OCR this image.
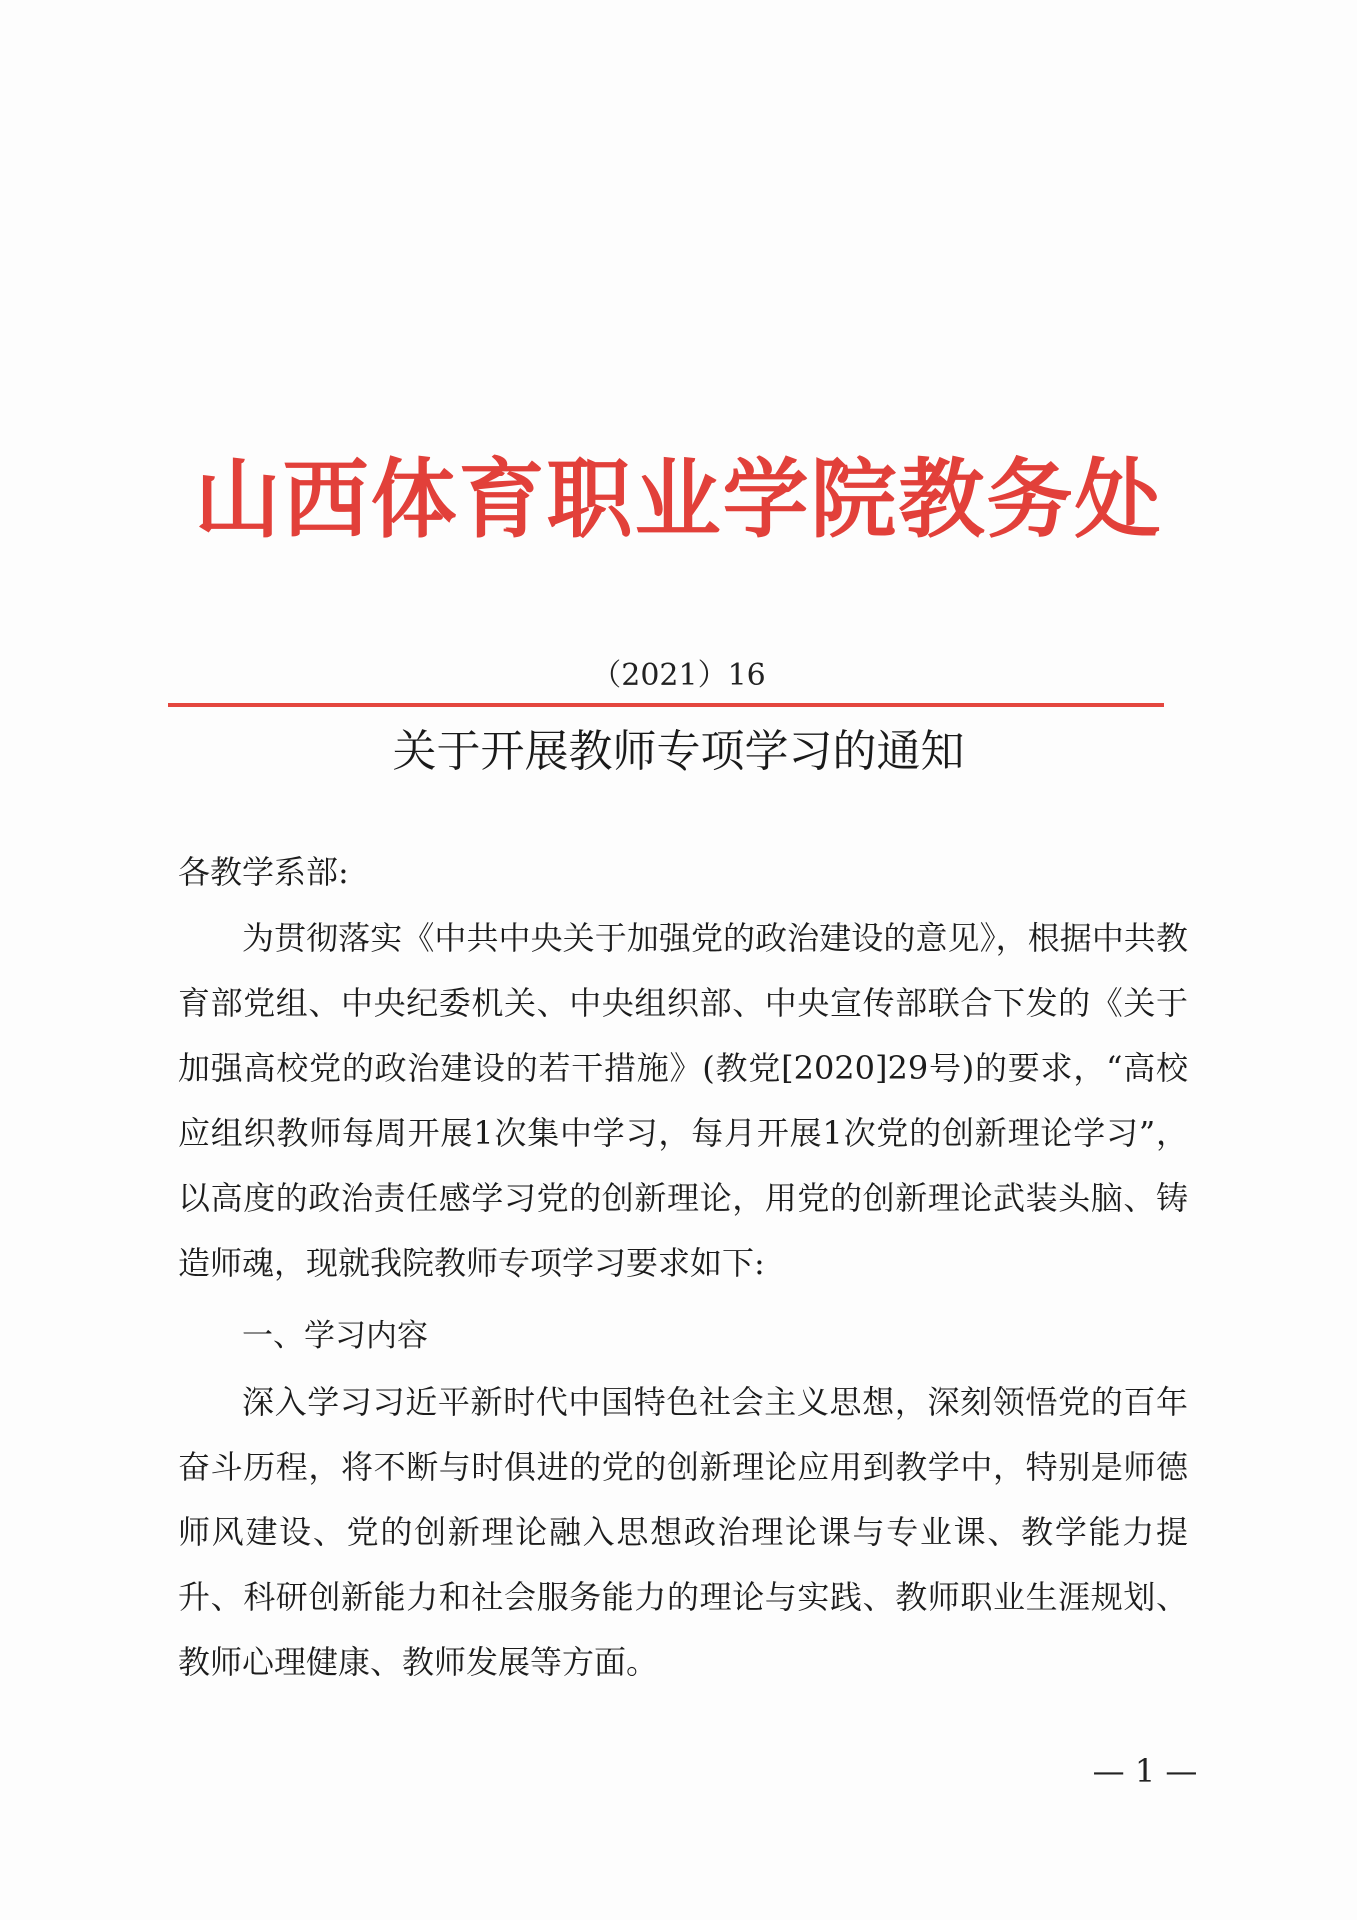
山西体育职业学院教务处
（2021）16
关于开展教师专项学习的通知
各教学系部:
为贯彻落实《中共中央关于加强党的政治建设的意见》，根据中共教育部党组、中央纪委机关、中央组织部、中央宣传部联合下发的《关于加强高校党的政治建设的若干措施》(教党[2020]29号)的要求，“高校应组织教师每周开展1次集中学习，每月开展1次党的创新理论学习”，以高度的政治责任感学习党的创新理论，用党的创新理论武装头脑、铸造师魂，现就我院教师专项学习要求如下:
一、学习内容
深入学习习近平新时代中国特色社会主义思想，深刻领悟党的百年奋斗历程，将不断与时俱进的党的创新理论应用到教学中，特别是师德师风建设、党的创新理论融入思想政治理论课与专业课、教学能力提升、科研创新能力和社会服务能力的理论与实践、教师职业生涯规划、教师心理健康、教师发展等方面。
— 1 —
